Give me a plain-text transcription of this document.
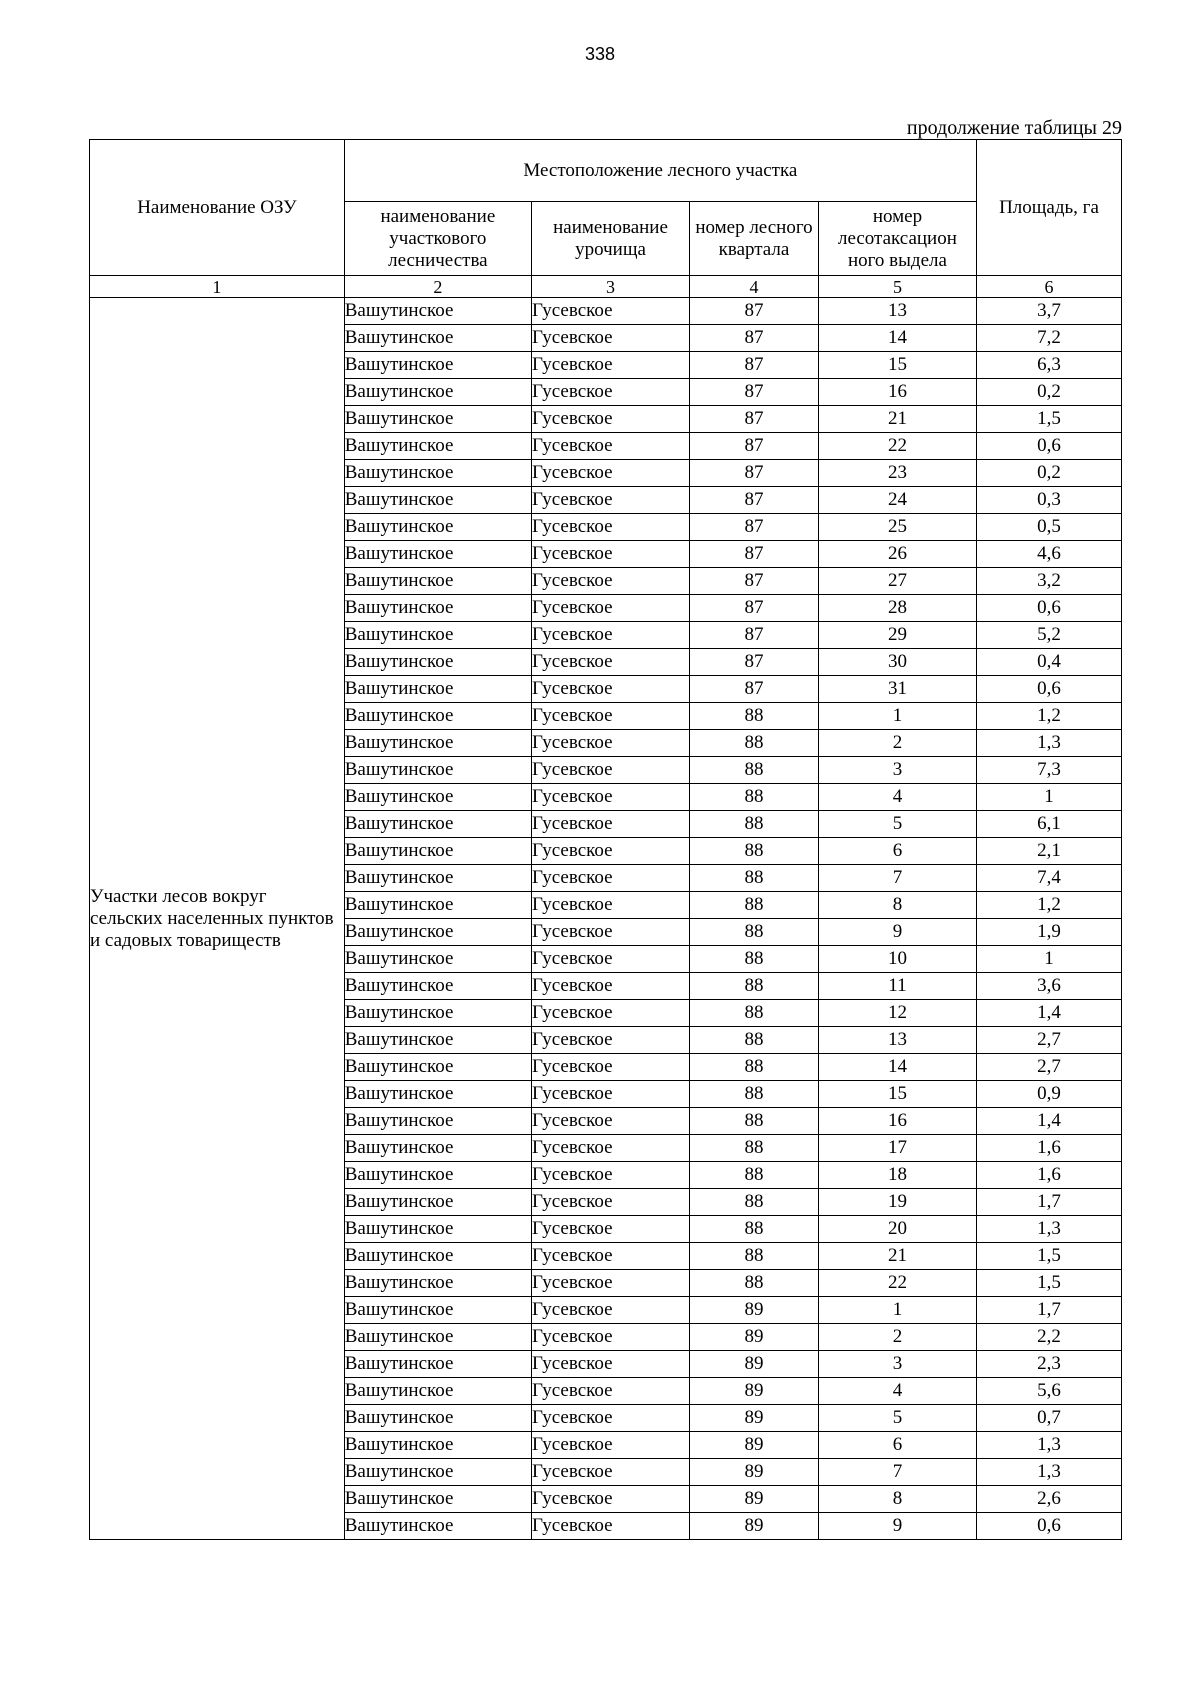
338
продолжение таблицы 29
Наименование ОЗУ	Местоположение лесного участка				Площадь, га
	наименование участкового лесничества	наименование урочища	номер лесного квартала	номер лесотаксацион ного выдела	
1	2	3	4	5	6

Участки лесов вокруг сельских населенных пунктов и садовых товариществ	Вашутинское	Гусевское	87	13	3,7
	Вашутинское	Гусевское	87	14	7,2
	Вашутинское	Гусевское	87	15	6,3
	Вашутинское	Гусевское	87	16	0,2
	Вашутинское	Гусевское	87	21	1,5
	Вашутинское	Гусевское	87	22	0,6
	Вашутинское	Гусевское	87	23	0,2
	Вашутинское	Гусевское	87	24	0,3
	Вашутинское	Гусевское	87	25	0,5
	Вашутинское	Гусевское	87	26	4,6
	Вашутинское	Гусевское	87	27	3,2
	Вашутинское	Гусевское	87	28	0,6
	Вашутинское	Гусевское	87	29	5,2
	Вашутинское	Гусевское	87	30	0,4
	Вашутинское	Гусевское	87	31	0,6
	Вашутинское	Гусевское	88	1	1,2
	Вашутинское	Гусевское	88	2	1,3
	Вашутинское	Гусевское	88	3	7,3
	Вашутинское	Гусевское	88	4	1
	Вашутинское	Гусевское	88	5	6,1
	Вашутинское	Гусевское	88	6	2,1
	Вашутинское	Гусевское	88	7	7,4
	Вашутинское	Гусевское	88	8	1,2
	Вашутинское	Гусевское	88	9	1,9
	Вашутинское	Гусевское	88	10	1
	Вашутинское	Гусевское	88	11	3,6
	Вашутинское	Гусевское	88	12	1,4
	Вашутинское	Гусевское	88	13	2,7
	Вашутинское	Гусевское	88	14	2,7
	Вашутинское	Гусевское	88	15	0,9
	Вашутинское	Гусевское	88	16	1,4
	Вашутинское	Гусевское	88	17	1,6
	Вашутинское	Гусевское	88	18	1,6
	Вашутинское	Гусевское	88	19	1,7
	Вашутинское	Гусевское	88	20	1,3
	Вашутинское	Гусевское	88	21	1,5
	Вашутинское	Гусевское	88	22	1,5
	Вашутинское	Гусевское	89	1	1,7
	Вашутинское	Гусевское	89	2	2,2
	Вашутинское	Гусевское	89	3	2,3
	Вашутинское	Гусевское	89	4	5,6
	Вашутинское	Гусевское	89	5	0,7
	Вашутинское	Гусевское	89	6	1,3
	Вашутинское	Гусевское	89	7	1,3
	Вашутинское	Гусевское	89	8	2,6
	Вашутинское	Гусевское	89	9	0,6
